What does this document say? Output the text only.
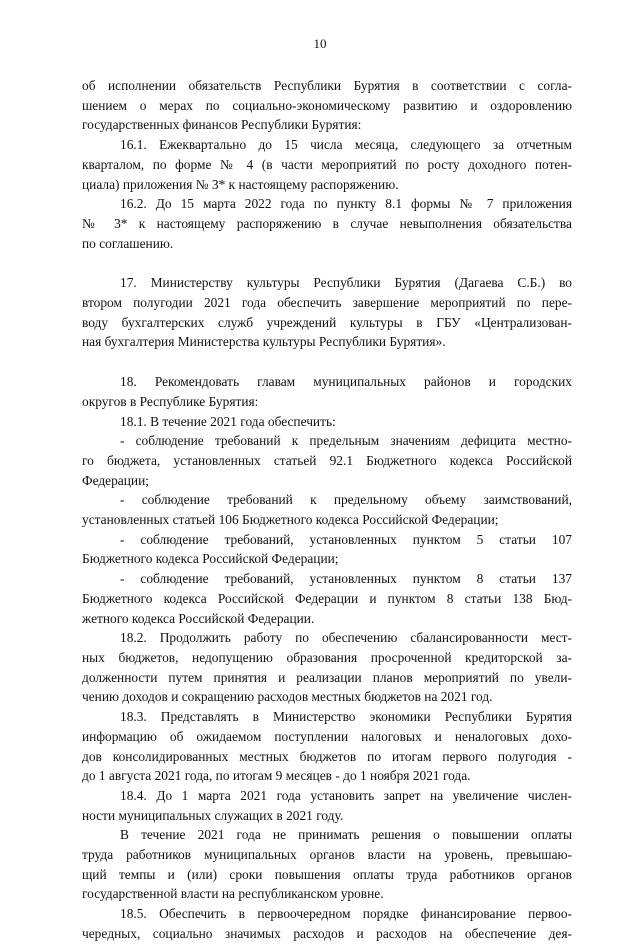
10
об исполнении обязательств Республики Бурятия в соответствии с согла-
шением о мерах по социально-экономическому развитию и оздоровлению
государственных финансов Республики Бурятия:
16.1. Ежеквартально до 15 числа месяца, следующего за отчетным
кварталом, по форме № 4 (в части мероприятий по росту доходного потен-
циала) приложения № 3* к настоящему распоряжению.
16.2. До 15 марта 2022 года по пункту 8.1 формы № 7 приложения
№ 3* к настоящему распоряжению в случае невыполнения обязательства
по соглашению.
17. Министерству культуры Республики Бурятия (Дагаева С.Б.) во
втором полугодии 2021 года обеспечить завершение мероприятий по пере-
воду бухгалтерских служб учреждений культуры в ГБУ «Централизован-
ная бухгалтерия Министерства культуры Республики Бурятия».
18. Рекомендовать главам муниципальных районов и городских
округов в Республике Бурятия:
18.1. В течение 2021 года обеспечить:
- соблюдение требований к предельным значениям дефицита местно-
го бюджета, установленных статьей 92.1 Бюджетного кодекса Российской
Федерации;
- соблюдение требований к предельному объему заимствований,
установленных статьей 106 Бюджетного кодекса Российской Федерации;
- соблюдение требований, установленных пунктом 5 статьи 107
Бюджетного кодекса Российской Федерации;
- соблюдение требований, установленных пунктом 8 статьи 137
Бюджетного кодекса Российской Федерации и пунктом 8 статьи 138 Бюд-
жетного кодекса Российской Федерации.
18.2. Продолжить работу по обеспечению сбалансированности мест-
ных бюджетов, недопущению образования просроченной кредиторской за-
долженности путем принятия и реализации планов мероприятий по увели-
чению доходов и сокращению расходов местных бюджетов на 2021 год.
18.3. Представлять в Министерство экономики Республики Бурятия
информацию об ожидаемом поступлении налоговых и неналоговых дохо-
дов консолидированных местных бюджетов по итогам первого полугодия -
до 1 августа 2021 года, по итогам 9 месяцев - до 1 ноября 2021 года.
18.4. До 1 марта 2021 года установить запрет на увеличение числен-
ности муниципальных служащих в 2021 году.
В течение 2021 года не принимать решения о повышении оплаты
труда работников муниципальных органов власти на уровень, превышаю-
щий темпы и (или) сроки повышения оплаты труда работников органов
государственной власти на республиканском уровне.
18.5. Обеспечить в первоочередном порядке финансирование первоо-
черeдных, социально значимых расходов и расходов на обеспечение дея-
